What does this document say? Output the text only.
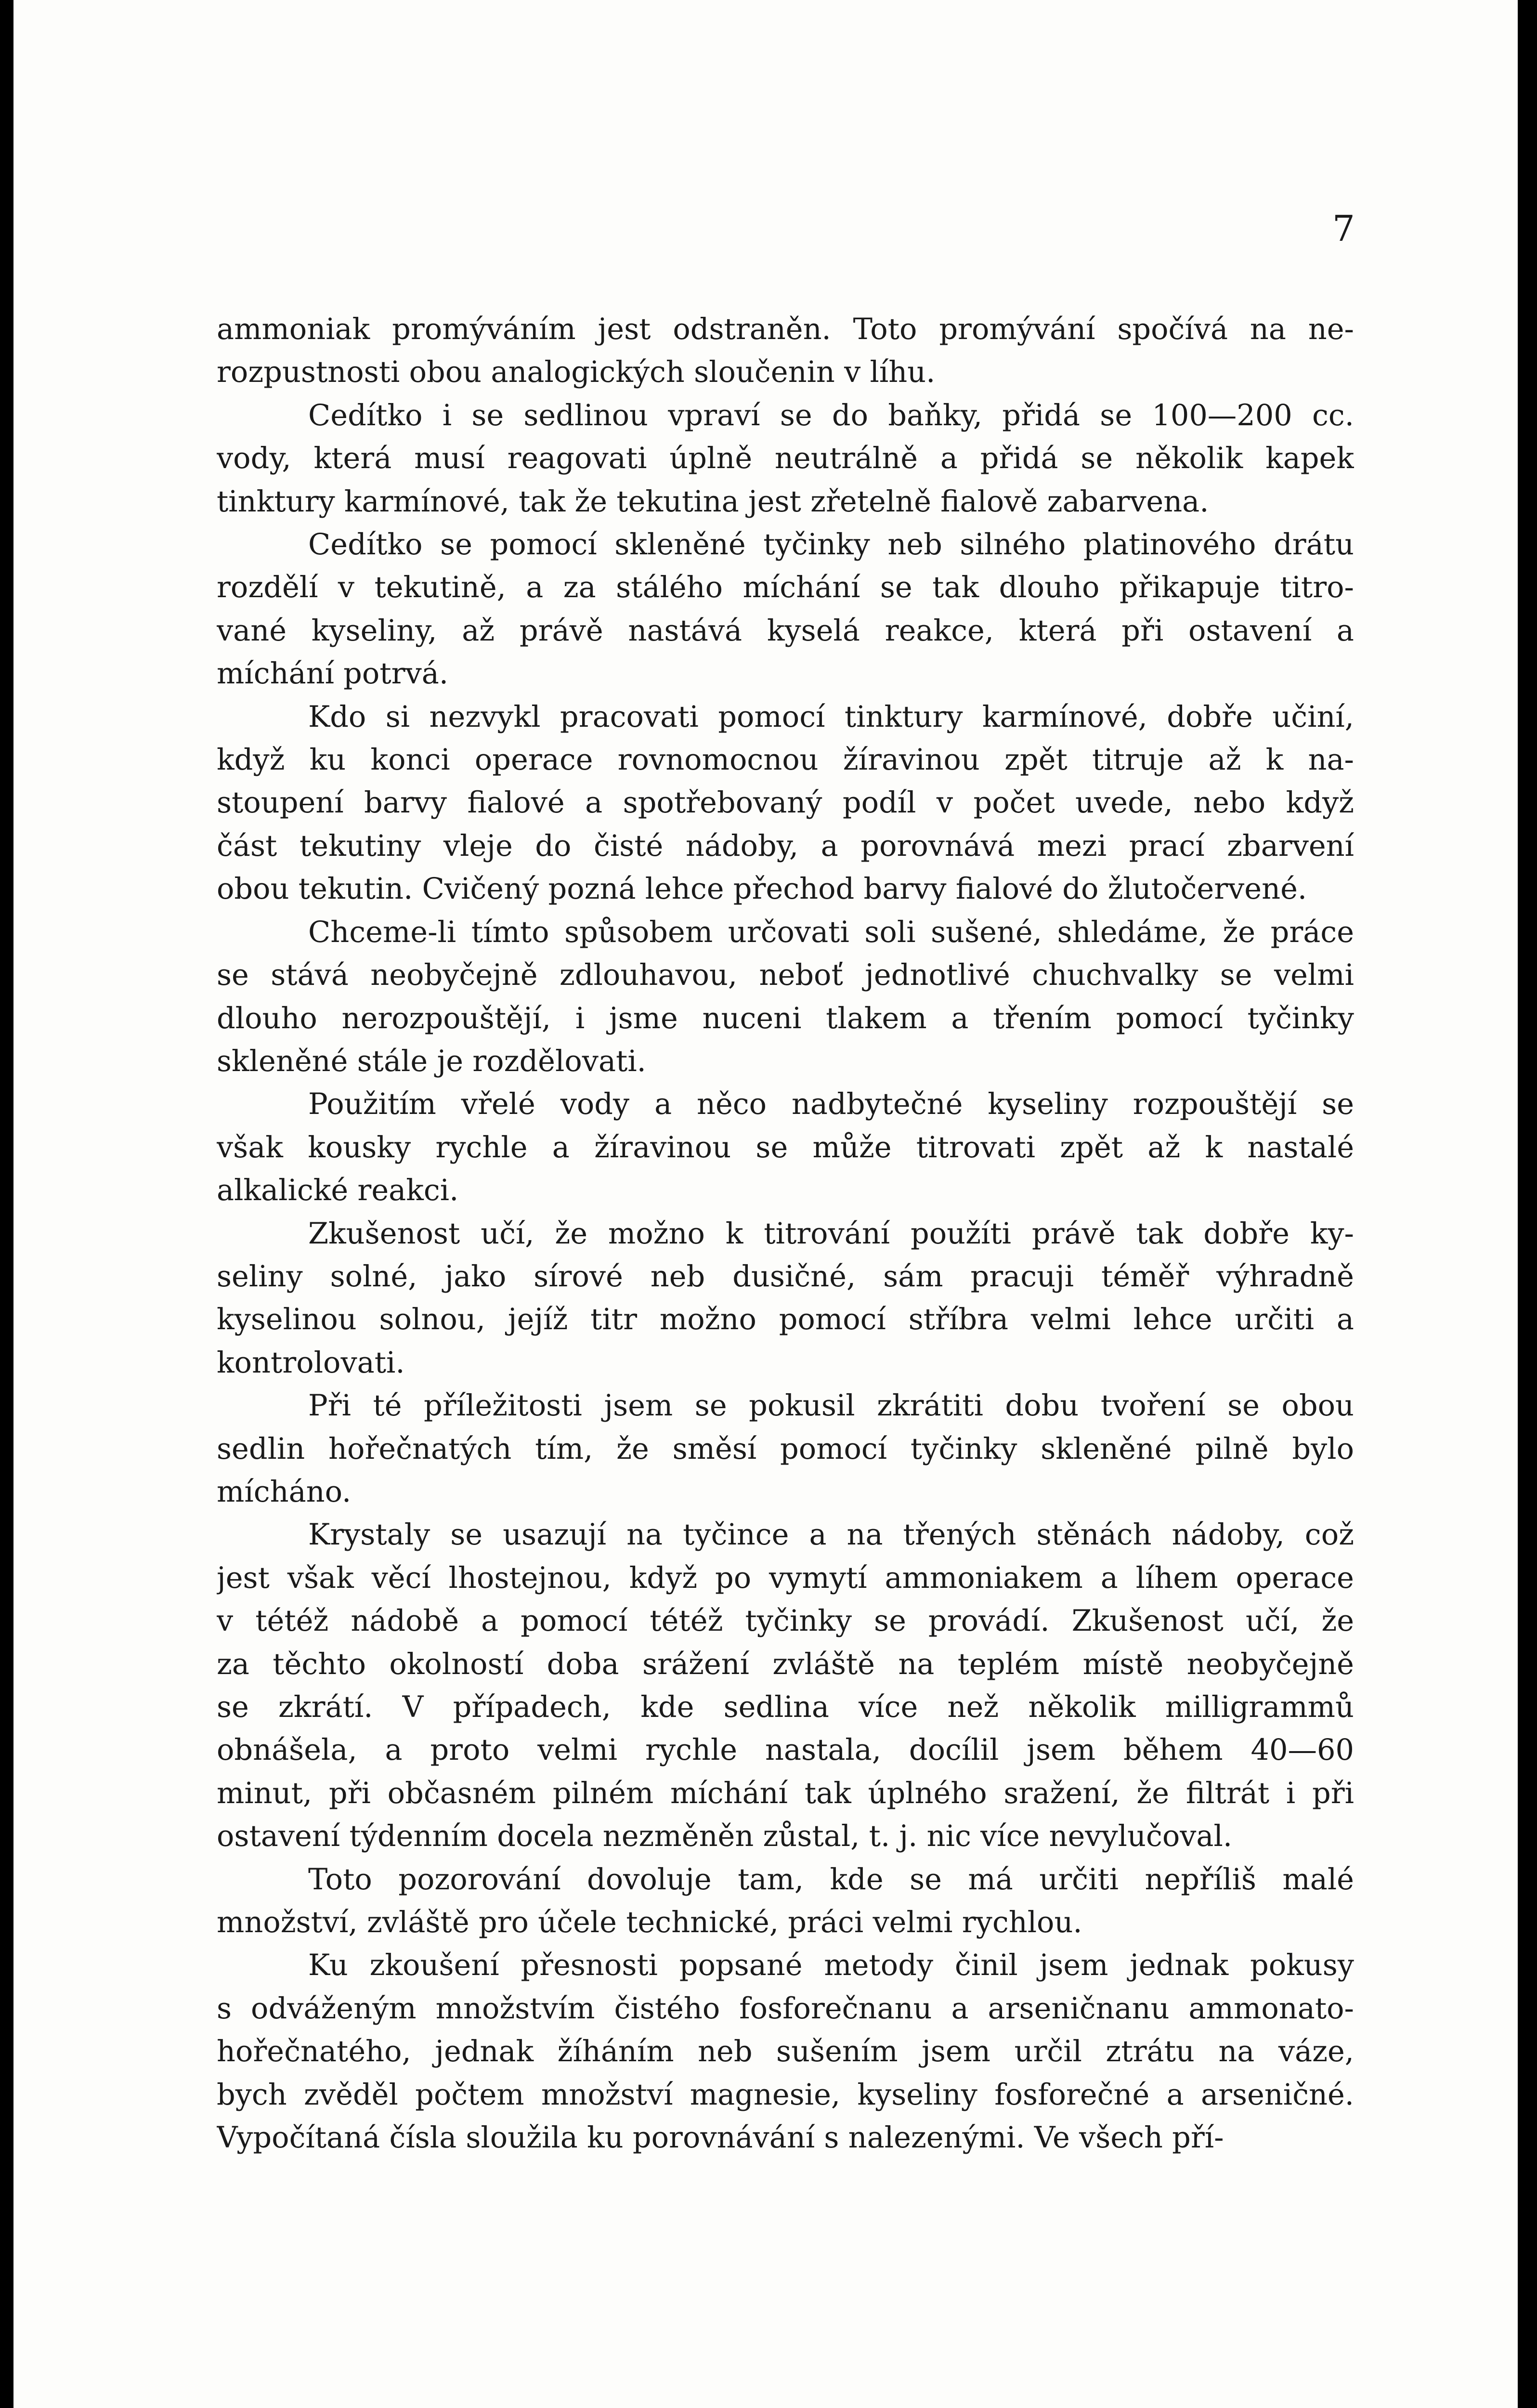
7
ammoniak promýváním jest odstraněn. Toto promývání spočívá na ne-
rozpustnosti obou analogických sloučenin v líhu.
Cedítko i se sedlinou vpraví se do baňky, přidá se 100—200 cc.
vody, která musí reagovati úplně neutrálně a přidá se několik kapek
tinktury karmínové, tak že tekutina jest zřetelně fialově zabarvena.
Cedítko se pomocí skleněné tyčinky neb silného platinového drátu
rozdělí v tekutině, a za stálého míchání se tak dlouho přikapuje titro-
vané kyseliny, až právě nastává kyselá reakce, která při ostavení a
míchání potrvá.
Kdo si nezvykl pracovati pomocí tinktury karmínové, dobře učiní,
když ku konci operace rovnomocnou žíravinou zpět titruje až k na-
stoupení barvy fialové a spotřebovaný podíl v počet uvede, nebo když
část tekutiny vleje do čisté nádoby, a porovnává mezi prací zbarvení
obou tekutin. Cvičený pozná lehce přechod barvy fialové do žlutočervené.
Chceme-li tímto spůsobem určovati soli sušené, shledáme, že práce
se stává neobyčejně zdlouhavou, neboť jednotlivé chuchvalky se velmi
dlouho nerozpouštějí, i jsme nuceni tlakem a třením pomocí tyčinky
skleněné stále je rozdělovati.
Použitím vřelé vody a něco nadbytečné kyseliny rozpouštějí se
však kousky rychle a žíravinou se může titrovati zpět až k nastalé
alkalické reakci.
Zkušenost učí, že možno k titrování použíti právě tak dobře ky-
seliny solné, jako sírové neb dusičné, sám pracuji téměř výhradně
kyselinou solnou, jejíž titr možno pomocí stříbra velmi lehce určiti a
kontrolovati.
Při té příležitosti jsem se pokusil zkrátiti dobu tvoření se obou
sedlin hořečnatých tím, že směsí pomocí tyčinky skleněné pilně bylo
mícháno.
Krystaly se usazují na tyčince a na třených stěnách nádoby, což
jest však věcí lhostejnou, když po vymytí ammoniakem a líhem operace
v tétéž nádobě a pomocí tétéž tyčinky se provádí. Zkušenost učí, že
za těchto okolností doba srážení zvláště na teplém místě neobyčejně
se zkrátí. V případech, kde sedlina více než několik milligrammů
obnášela, a proto velmi rychle nastala, docílil jsem během 40—60
minut, při občasném pilném míchání tak úplného sražení, že filtrát i při
ostavení týdenním docela nezměněn zůstal, t. j. nic více nevylučoval.
Toto pozorování dovoluje tam, kde se má určiti nepříliš malé
množství, zvláště pro účele technické, práci velmi rychlou.
Ku zkoušení přesnosti popsané metody činil jsem jednak pokusy
s odváženým množstvím čistého fosforečnanu a arseničnanu ammonato-
hořečnatého, jednak žíháním neb sušením jsem určil ztrátu na váze,
bych zvěděl počtem množství magnesie, kyseliny fosforečné a arseničné.
Vypočítaná čísla sloužila ku porovnávání s nalezenými. Ve všech pří-
